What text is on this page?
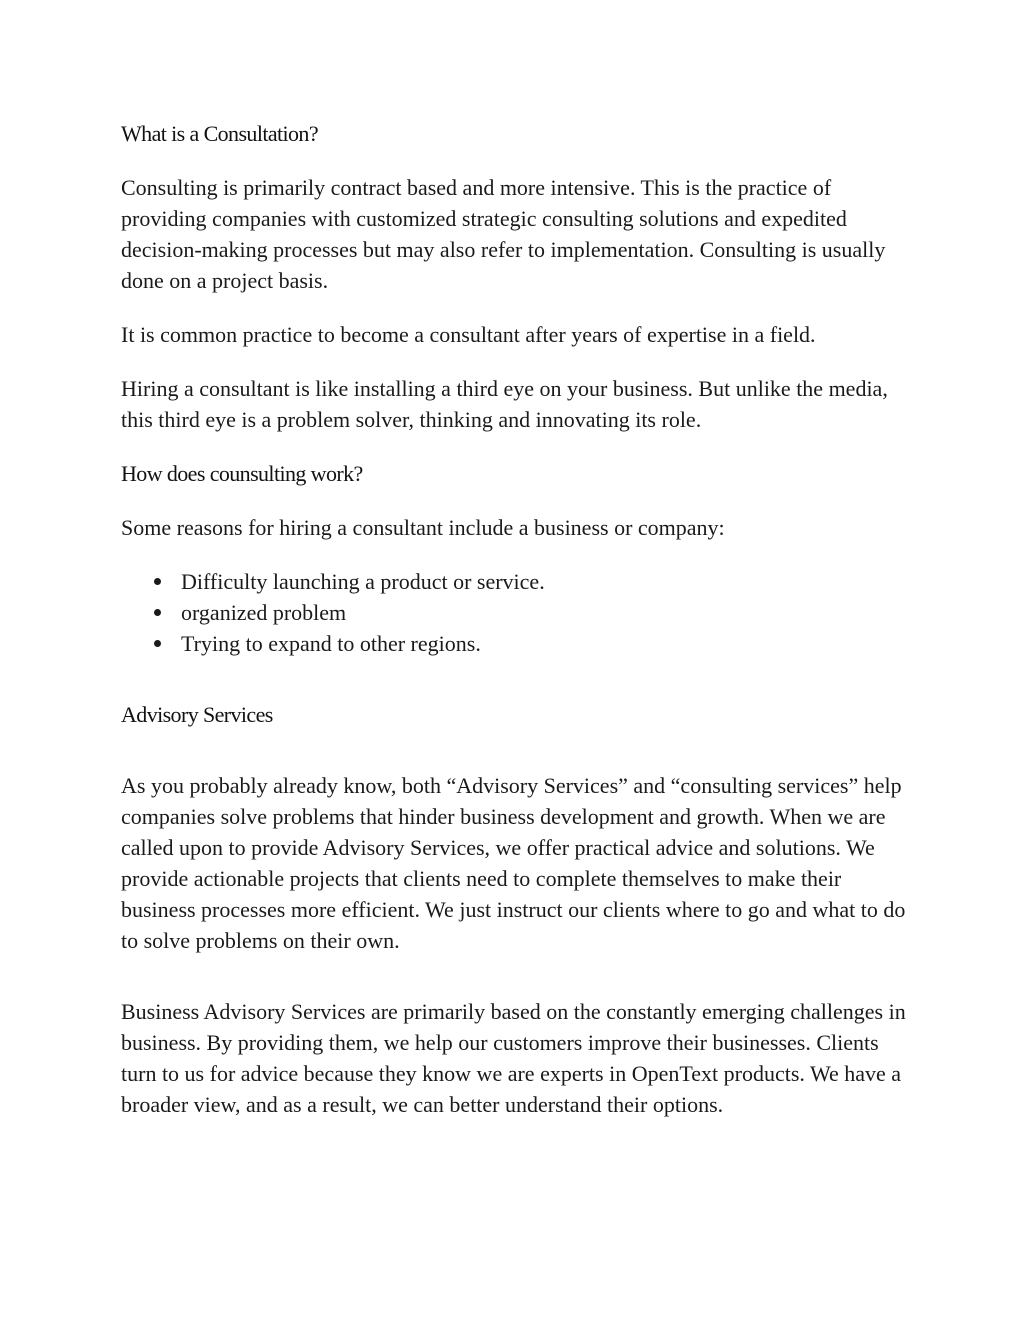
What is a Consultation?

Consulting is primarily contract based and more intensive. This is the practice of providing companies with customized strategic consulting solutions and expedited decision-making processes but may also refer to implementation. Consulting is usually done on a project basis.

It is common practice to become a consultant after years of expertise in a field.

Hiring a consultant is like installing a third eye on your business. But unlike the media, this third eye is a problem solver, thinking and innovating its role.

How does counsulting work?

Some reasons for hiring a consultant include a business or company:

Difficulty launching a product or service.
organized problem
Trying to expand to other regions.
Advisory Services

As you probably already know, both “Advisory Services” and “consulting services” help companies solve problems that hinder business development and growth. When we are called upon to provide Advisory Services, we offer practical advice and solutions. We provide actionable projects that clients need to complete themselves to make their business processes more efficient. We just instruct our clients where to go and what to do to solve problems on their own.

Business Advisory Services are primarily based on the constantly emerging challenges in business. By providing them, we help our customers improve their businesses. Clients turn to us for advice because they know we are experts in OpenText products. We have a broader view, and as a result, we can better understand their options.
